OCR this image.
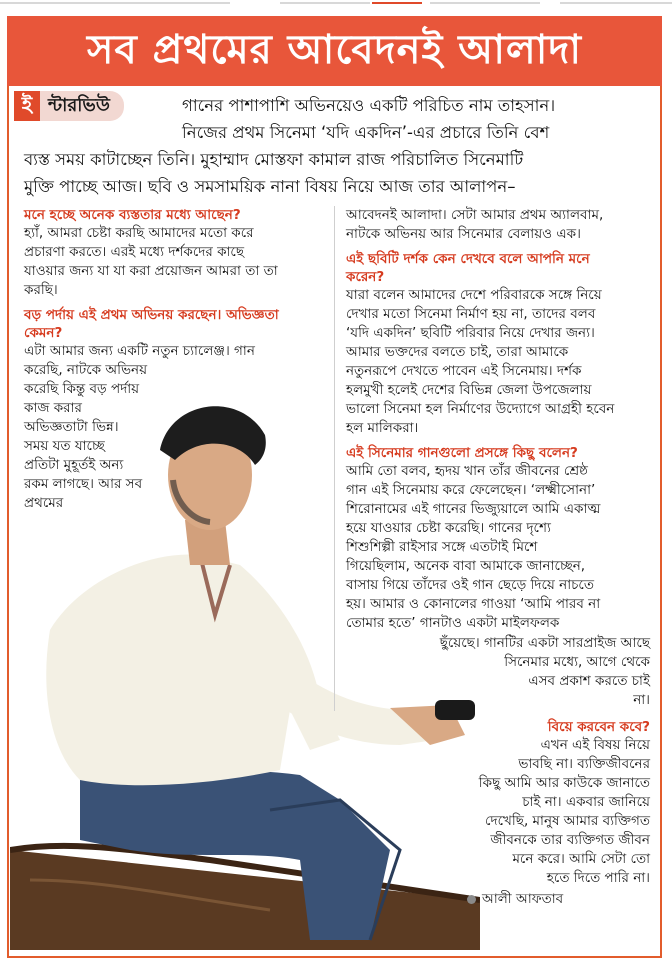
সব প্রথমের আবেদনই আলাদা
ই ন্টারভিউ	গানের পাশাপাশি অভিনয়েও একটি পরিচিত নাম তাহসান।
নিজের প্রথম সিনেমা ‘যদি একদিন’-এর প্রচারে তিনি বেশ
ব্যস্ত সময় কাটাচ্ছেন তিনি। মুহাম্মাদ মোস্তফা কামাল রাজ পরিচালিত সিনেমাটি
মুক্তি পাচ্ছে আজ। ছবি ও সমসাময়িক নানা বিষয় নিয়ে আজ তার আলাপন–

মনে হচ্ছে অনেক ব্যস্ততার মধ্যে আছেন?

হ্যাঁ, আমরা চেষ্টা করছি আমাদের মতো করে
প্রচারণা করতে। এরই মধ্যে দর্শকদের কাছে
যাওয়ার জন্য যা যা করা প্রয়োজন আমরা তা তা
করছি।

বড় পর্দায় এই প্রথম অভিনয় করছেন। অভিজ্ঞতা
কেমন?

এটা আমার জন্য একটি নতুন চ্যালেঞ্জ। গান
করেছি, নাটকে অভিনয়
করেছি কিন্তু বড় পর্দায়
কাজ করার
অভিজ্ঞতাটা ভিন্ন।
সময় যত যাচ্ছে
প্রতিটা মুহূর্তই অন্য
রকম লাগছে। আর সব
প্রথমের

আবেদনই আলাদা। সেটা আমার প্রথম অ্যালবাম,
নাটকে অভিনয় আর সিনেমার বেলায়ও এক।

এই ছবিটি দর্শক কেন দেখবে বলে আপনি মনে
করেন?

যারা বলেন আমাদের দেশে পরিবারকে সঙ্গে নিয়ে
দেখার মতো সিনেমা নির্মাণ হয় না, তাদের বলব
‘যদি একদিন’ ছবিটি পরিবার নিয়ে দেখার জন্য।
আমার ভক্তদের বলতে চাই, তারা আমাকে
নতুনরূপে দেখতে পাবেন এই সিনেমায়। দর্শক
হলমুখী হলেই দেশের বিভিন্ন জেলা উপজেলায়
ভালো সিনেমা হল নির্মাণের উদ্যোগে আগ্রহী হবেন
হল মালিকরা।

এই সিনেমার গানগুলো প্রসঙ্গে কিছু বলেন?

আমি তো বলব, হৃদয় খান তাঁর জীবনের শ্রেষ্ঠ
গান এই সিনেমায় করে ফেলেছেন। ‘লক্ষ্মীসোনা’
শিরোনামের এই গানের ভিজ্যুয়ালে আমি একাত্ম
হয়ে যাওয়ার চেষ্টা করেছি। গানের দৃশ্যে
শিশুশিল্পী রাইসার সঙ্গে এতটাই মিশে
গিয়েছিলাম, অনেক বাবা আমাকে জানাচ্ছেন,
বাসায় গিয়ে তাঁদের ওই গান ছেড়ে দিয়ে নাচতে
হয়। আমার ও কোনালের গাওয়া ‘আমি পারব না
তোমার হতে’ গানটাও একটা মাইলফলক

ছুঁয়েছে। গানটির একটা সারপ্রাইজ আছে
সিনেমার মধ্যে, আগে থেকে
এসব প্রকাশ করতে চাই
না।

বিয়ে করবেন কবে?

এখন এই বিষয় নিয়ে
ভাবছি না। ব্যক্তিজীবনের
কিছু আমি আর কাউকে জানাতে
চাই না। একবার জানিয়ে
দেখেছি, মানুষ আমার ব্যক্তিগত
জীবনকে তার ব্যক্তিগত জীবন
মনে করে। আমি সেটা তো
হতে দিতে পারি না।

আলী আফতাব
